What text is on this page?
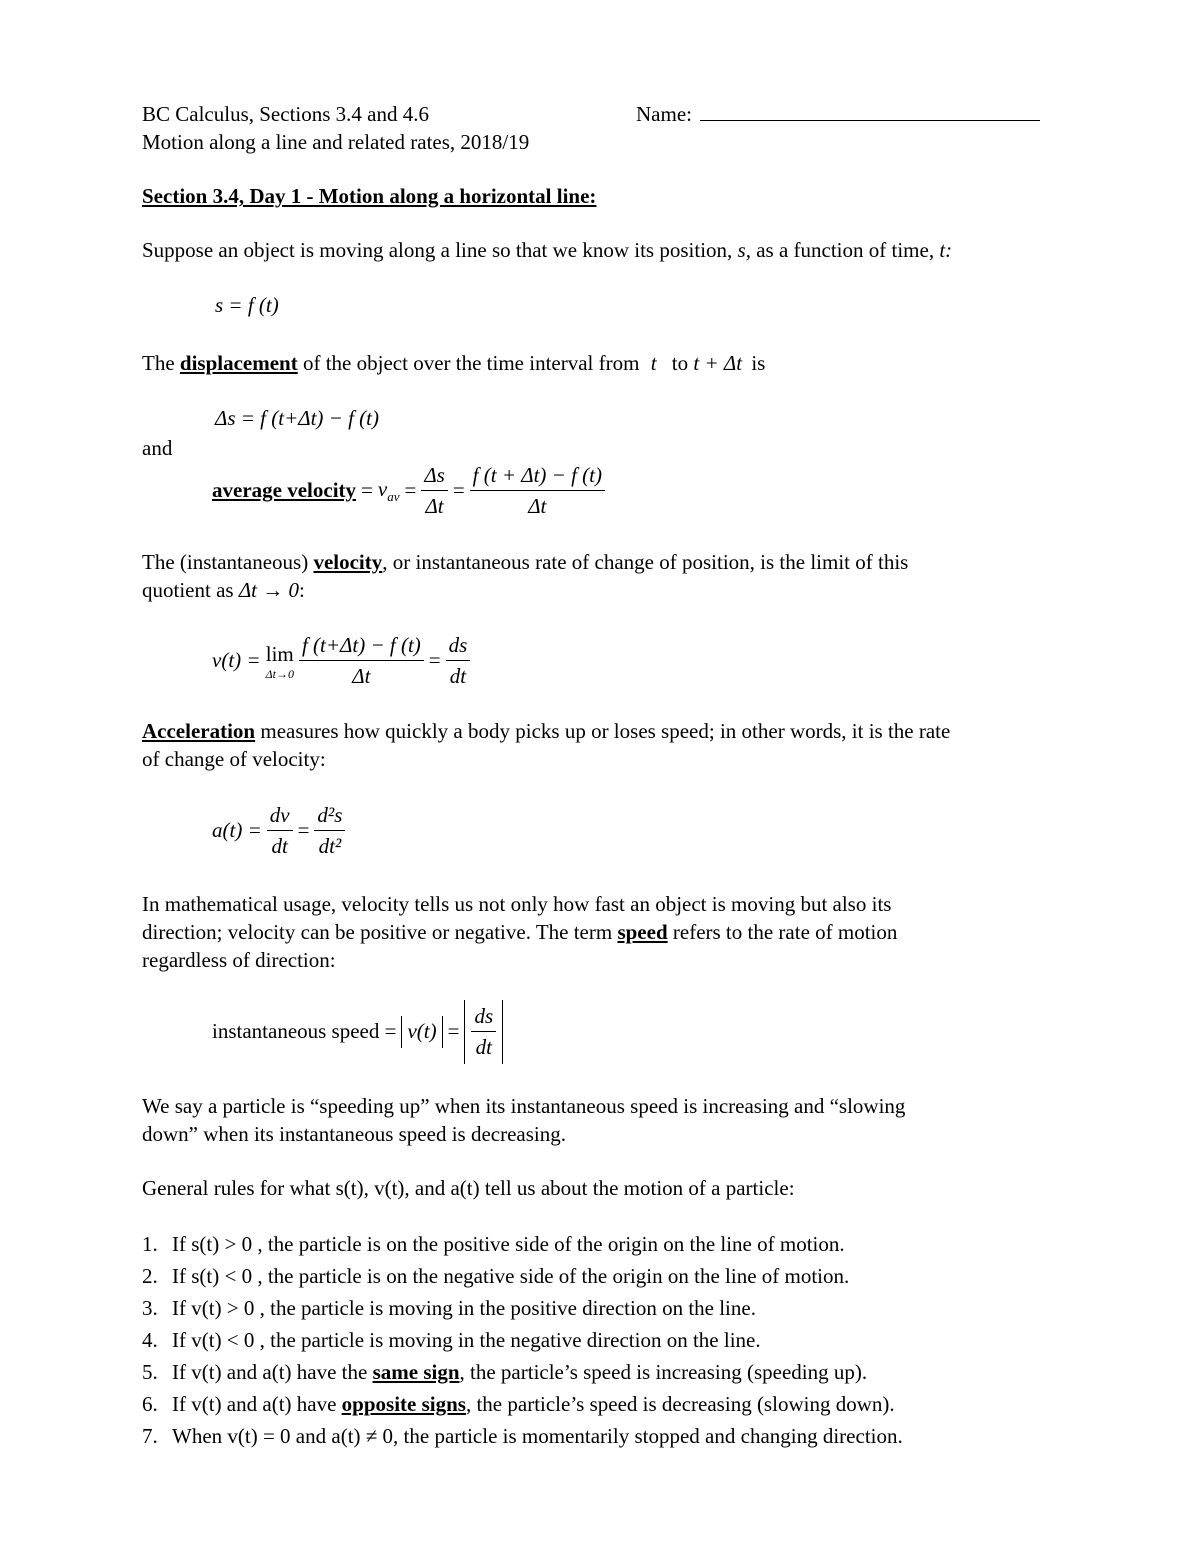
BC Calculus, Sections 3.4 and 4.6	Name:
Motion along a line and related rates, 2018/19
Section 3.4, Day 1 - Motion along a horizontal line:
Suppose an object is moving along a line so that we know its position, s, as a function of time, t:
s = f (t)
The displacement of the object over the time interval from t to t + Δt is
Δs = f (t+Δt) − f (t)
and
average velocity = $v_{av} = \frac{\Delta s}{\Delta t} = \frac{f (t + \Delta t) - f (t)}{\Delta t}$
The (instantaneous) velocity, or instantaneous rate of change of position, is the limit of this
quotient as Δt → 0:
v(t) = lim
$\Delta t\to 0 \frac{f (t+\Delta t) - f (t)}{\Delta t} = \frac{ds}{dt}$
Acceleration measures how quickly a body picks up or loses speed; in other words, it is the rate
of change of velocity:
$a(t) = \frac{dv}{dt} = \frac{\text{d²s}}{\text{dt²}}$
In mathematical usage, velocity tells us not only how fast an object is moving but also its
direction; velocity can be positive or negative. The term speed refers to the rate of motion
regardless of direction:
instantaneous speed = $v(t) = \frac{ds}{dt}$
We say a particle is “speeding up” when its instantaneous speed is increasing and “slowing
down” when its instantaneous speed is decreasing.
General rules for what s(t), v(t), and a(t) tell us about the motion of a particle:
1. If s(t) > 0 , the particle is on the positive side of the origin on the line of motion.
2. If s(t) < 0 , the particle is on the negative side of the origin on the line of motion.
3. If v(t) > 0 , the particle is moving in the positive direction on the line.
4. If v(t) < 0 , the particle is moving in the negative direction on the line.
5. If v(t) and a(t) have the same sign, the particle’s speed is increasing (speeding up).
6. If v(t) and a(t) have opposite signs, the particle’s speed is decreasing (slowing down).
7. When v(t) = 0 and a(t) ≠ 0, the particle is momentarily stopped and changing direction.
